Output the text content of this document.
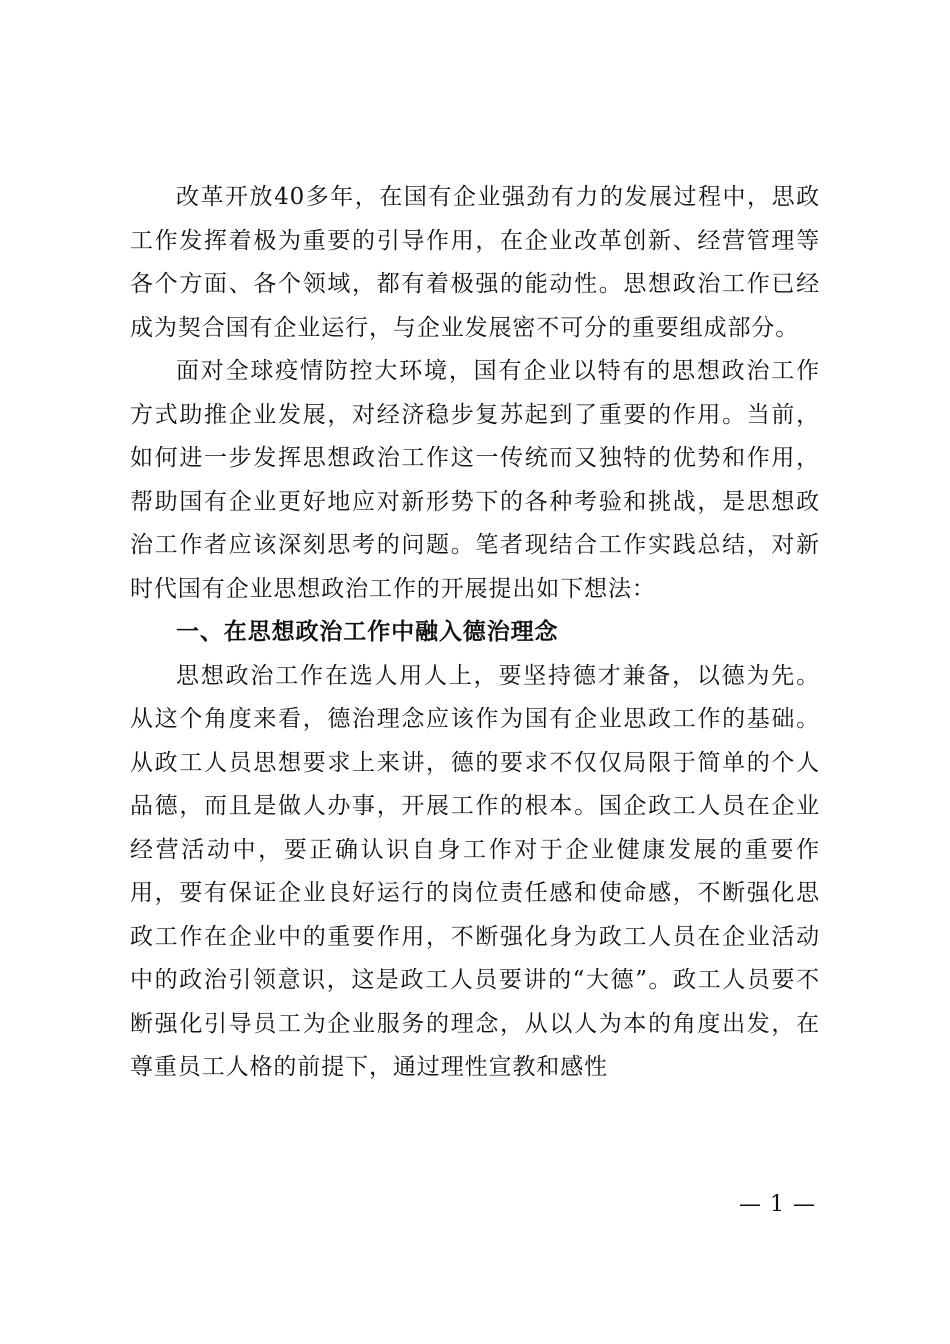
改革开放40多年，在国有企业强劲有力的发展过程中，思政工作发挥着极为重要的引导作用，在企业改革创新、经营管理等各个方面、各个领域，都有着极强的能动性。思想政治工作已经成为契合国有企业运行，与企业发展密不可分的重要组成部分。

面对全球疫情防控大环境，国有企业以特有的思想政治工作方式助推企业发展，对经济稳步复苏起到了重要的作用。当前，如何进一步发挥思想政治工作这一传统而又独特的优势和作用，帮助国有企业更好地应对新形势下的各种考验和挑战，是思想政治工作者应该深刻思考的问题。笔者现结合工作实践总结，对新时代国有企业思想政治工作的开展提出如下想法：

一、在思想政治工作中融入德治理念

思想政治工作在选人用人上，要坚持德才兼备，以德为先。从这个角度来看，德治理念应该作为国有企业思政工作的基础。从政工人员思想要求上来讲，德的要求不仅仅局限于简单的个人品德，而且是做人办事，开展工作的根本。国企政工人员在企业经营活动中，要正确认识自身工作对于企业健康发展的重要作用，要有保证企业良好运行的岗位责任感和使命感，不断强化思政工作在企业中的重要作用，不断强化身为政工人员在企业活动中的政治引领意识，这是政工人员要讲的“大德”。政工人员要不断强化引导员工为企业服务的理念，从以人为本的角度出发，在尊重员工人格的前提下，通过理性宣教和感性

— 1 —
